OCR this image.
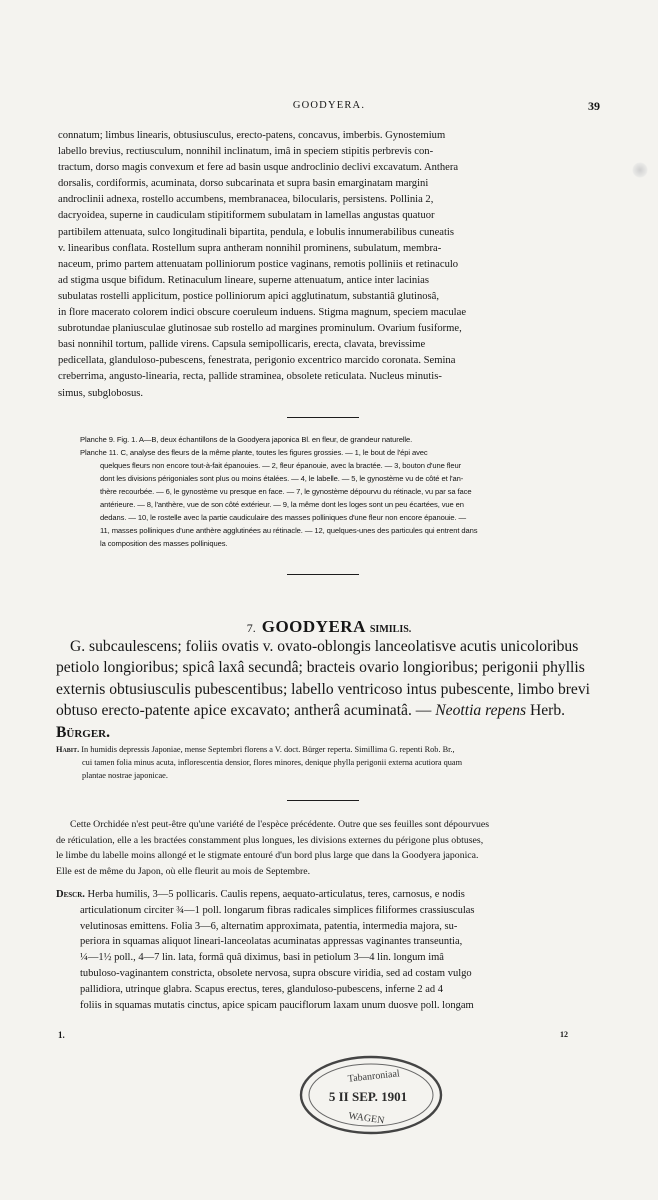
GOODYERA.	39
connatum; limbus linearis, obtusiusculus, erecto-patens, concavus, imberbis. Gynostemium
labello brevius, rectiusculum, nonnihil inclinatum, imâ in speciem stipitis perbrevis con-
tractum, dorso magis convexum et fere ad basin usque androclinio declivi excavatum. Anthera
dorsalis, cordiformis, acuminata, dorso subcarinata et supra basin emarginatam margini
androclinii adnexa, rostello accumbens, membranacea, bilocularis, persistens. Pollinia 2,
dacryoidea, superne in caudiculam stipitiformem subulatam in lamellas angustas quatuor
partibilem attenuata, sulco longitudinali bipartita, pendula, e lobulis innumerabilibus cuneatis
v. linearibus conflata. Rostellum supra antheram nonnihil prominens, subulatum, membra-
naceum, primo partem attenuatam polliniorum postice vaginans, remotis polliniis et retinaculo
ad stigma usque bifidum. Retinaculum lineare, superne attenuatum, antice inter lacinias
subulatas rostelli applicitum, postice polliniorum apici agglutinatum, substantiâ glutinosâ,
in flore macerato colorem indici obscure coeruleum induens. Stigma magnum, speciem maculae
subrotundae planiusculae glutinosae sub rostello ad margines prominulum. Ovarium fusiforme,
basi nonnihil tortum, pallide virens. Capsula semipollicaris, erecta, clavata, brevissime
pedicellata, glanduloso-pubescens, fenestrata, perigonio excentrico marcido coronata. Semina
creberrima, angusto-linearia, recta, pallide straminea, obsolete reticulata. Nucleus minutis-
simus, subglobosus.
Planche 9. Fig. 1. A—B, deux échantillons de la Goodyera japonica Bl. en fleur, de grandeur naturelle.
Planche 11. C, analyse des fleurs de la même plante, toutes les figures grossies. — 1, le bout de l'épi avec
quelques fleurs non encore tout-à-fait épanouies. — 2, fleur épanouie, avec la bractée. — 3, bouton d'une fleur
dont les divisions périgoniales sont plus ou moins étalées. — 4, le labelle. — 5, le gynostème vu de côté et l'an-
thère recourbée. — 6, le gynostème vu presque en face. — 7, le gynostème dépourvu du rétinacle, vu par sa face
antérieure. — 8, l'anthère, vue de son côté extérieur. — 9, la même dont les loges sont un peu écartées, vue en
dedans. — 10, le rostelle avec la partie caudiculaire des masses polliniques d'une fleur non encore épanouie. —
11, masses polliniques d'une anthère agglutinées au rétinacle. — 12, quelques-unes des particules qui entrent dans
la composition des masses polliniques.
7. GOODYERA SIMILIS.
G. subcaulescens; foliis ovatis v. ovato-oblongis lanceolatisve acutis unicoloribus
petiolo longioribus; spicâ laxâ secundâ; bracteis ovario longioribus; perigonii phyllis
externis obtusiusculis pubescentibus; labello ventricoso intus pubescente, limbo brevi
obtuso erecto-patente apice excavato; antherâ acuminatâ. — Neottia repens Herb.
Bürger.
Habit. In humidis depressis Japoniae, mense Septembri florens a V. doct. Bürger reperta. Simillima G. repenti Rob. Br.,
cui tamen folia minus acuta, inflorescentia densior, flores minores, denique phylla perigonii externa acutiora quam
plantae nostrae japonicae.
Cette Orchidée n'est peut-être qu'une variété de l'espèce précédente. Outre que ses feuilles sont dépourvues
de réticulation, elle a les bractées constamment plus longues, les divisions externes du périgone plus obtuses,
le limbe du labelle moins allongé et le stigmate entouré d'un bord plus large que dans la Goodyera japonica.
Elle est de même du Japon, où elle fleurit au mois de Septembre.
Descr. Herba humilis, 3—5 pollicaris. Caulis repens, aequato-articulatus, teres, carnosus, e nodis
articulationum circiter ¾—1 poll. longarum fibras radicales simplices filiformes crassiusculas
velutinosas emittens. Folia 3—6, alternatim approximata, patentia, intermedia majora, su-
periora in squamas aliquot lineari-lanceolatas acuminatas appressas vaginantes transeuntia,
¼—1½ poll., 4—7 lin. lata, formâ quâ diximus, basi in petiolum 3—4 lin. longum imâ
tubuloso-vaginantem constricta, obsolete nervosa, supra obscure viridia, sed ad costam vulgo
pallidiora, utrinque glabra. Scapus erectus, teres, glanduloso-pubescens, inferne 2 ad 4
foliis in squamas mutatis cinctus, apice spicam pauciflorum laxam unum duosve poll. longam
1.	12
Tabanroniaal
5 II SEP. 1901
WAGEN
